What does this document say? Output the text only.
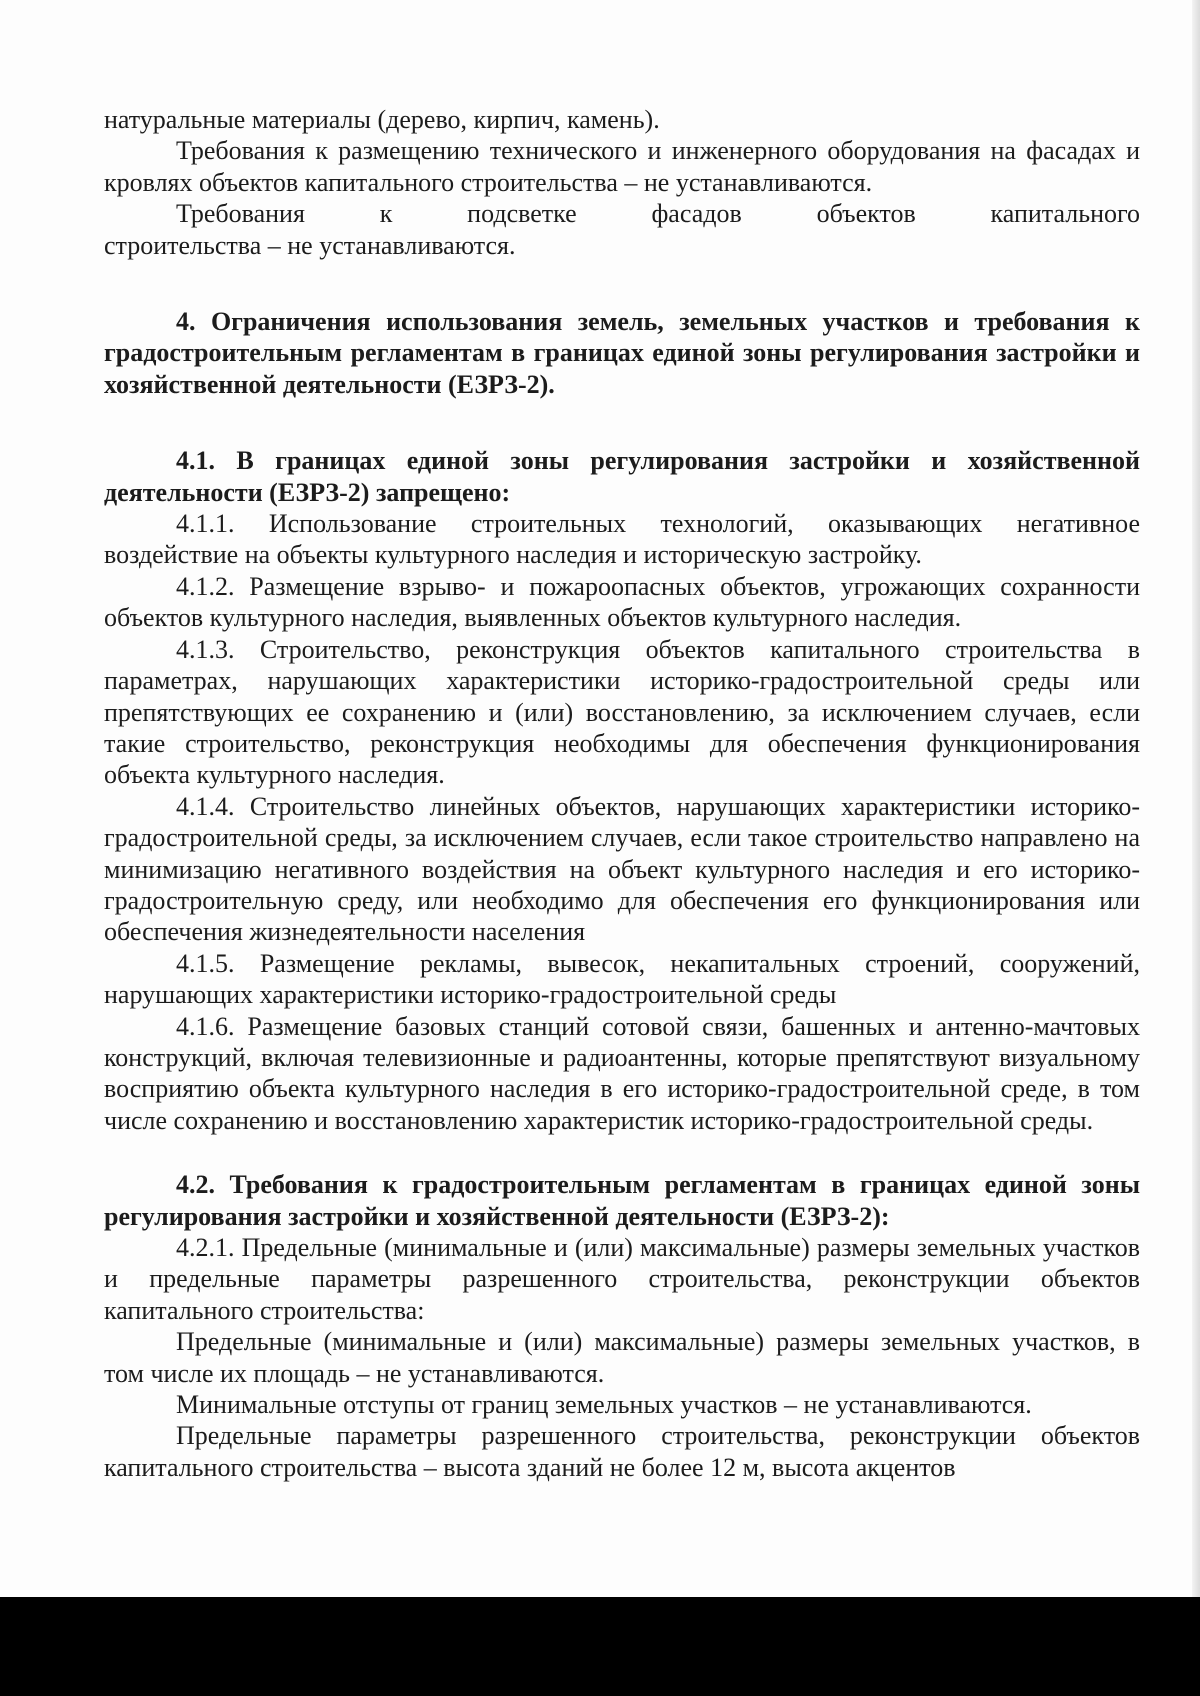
натуральные материалы (дерево, кирпич, камень).

Требования к размещению технического и инженерного оборудования на фасадах и кровлях объектов капитального строительства – не устанавливаются.

Требования к подсветке фасадов объектов капитального

строительства – не устанавливаются.

4. Ограничения использования земель, земельных участков и требования к градостроительным регламентам в границах единой зоны регулирования застройки и хозяйственной деятельности (ЕЗРЗ-2).

4.1. В границах единой зоны регулирования застройки и хозяйственной деятельности (ЕЗРЗ-2) запрещено:

4.1.1. Использование строительных технологий, оказывающих негативное воздействие на объекты культурного наследия и историческую застройку.

4.1.2. Размещение взрыво- и пожароопасных объектов, угрожающих сохранности объектов культурного наследия, выявленных объектов культурного наследия.

4.1.3. Строительство, реконструкция объектов капитального строительства в параметрах, нарушающих характеристики историко-градостроительной среды или препятствующих ее сохранению и (или) восстановлению, за исключением случаев, если такие строительство, реконструкция необходимы для обеспечения функционирования объекта культурного наследия.

4.1.4. Строительство линейных объектов, нарушающих характеристики историко-градостроительной среды, за исключением случаев, если такое строительство направлено на минимизацию негативного воздействия на объект культурного наследия и его историко-градостроительную среду, или необходимо для обеспечения его функционирования или обеспечения жизнедеятельности населения

4.1.5. Размещение рекламы, вывесок, некапитальных строений, сооружений, нарушающих характеристики историко-градостроительной среды

4.1.6. Размещение базовых станций сотовой связи, башенных и антенно-мачтовых конструкций, включая телевизионные и радиоантенны, которые препятствуют визуальному восприятию объекта культурного наследия в его историко-градостроительной среде, в том числе сохранению и восстановлению характеристик историко-градостроительной среды.

4.2. Требования к градостроительным регламентам в границах единой зоны регулирования застройки и хозяйственной деятельности (ЕЗРЗ-2):

4.2.1. Предельные (минимальные и (или) максимальные) размеры земельных участков и предельные параметры разрешенного строительства, реконструкции объектов капитального строительства:

Предельные (минимальные и (или) максимальные) размеры земельных участков, в том числе их площадь – не устанавливаются.

Минимальные отступы от границ земельных участков – не устанавливаются.

Предельные параметры разрешенного строительства, реконструкции объектов капитального строительства – высота зданий не более 12 м, высота акцентов
